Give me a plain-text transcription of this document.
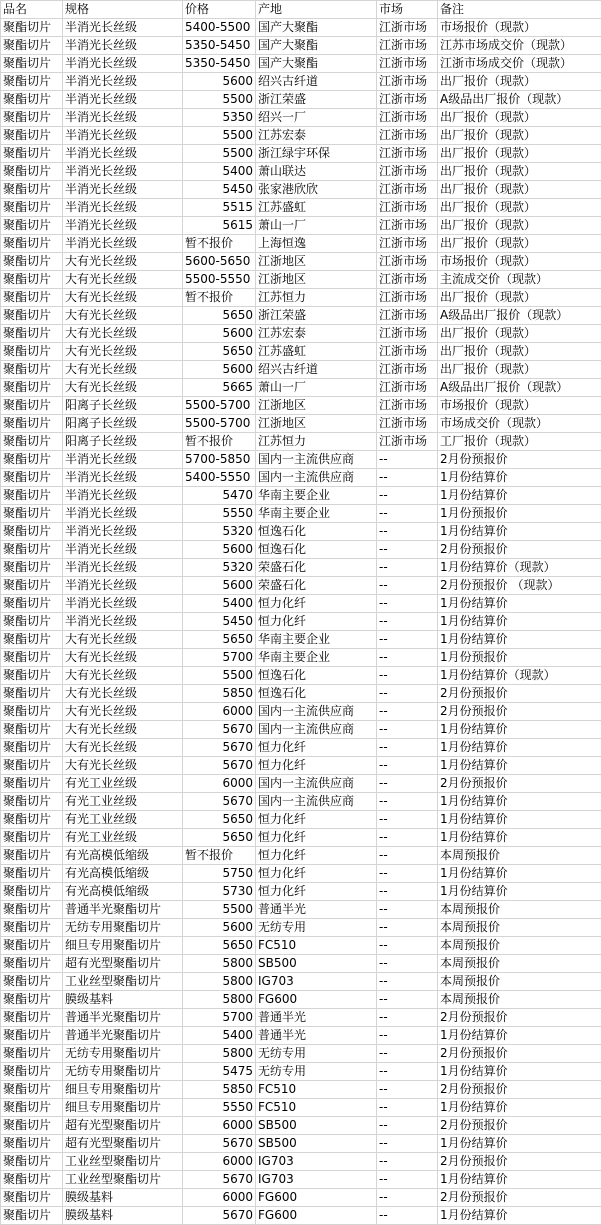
品名	规格	价格	产地	市场	备注
聚酯切片	半消光长丝级	5400-5500	国产大聚酯	江浙市场	市场报价（现款）
聚酯切片	半消光长丝级	5350-5450	国产大聚酯	江浙市场	江苏市场成交价（现款）
聚酯切片	半消光长丝级	5350-5450	国产大聚酯	江浙市场	江浙市场成交价（现款）
聚酯切片	半消光长丝级	5600	绍兴古纤道	江浙市场	出厂报价（现款）
聚酯切片	半消光长丝级	5500	浙江荣盛	江浙市场	A级品出厂报价（现款）
聚酯切片	半消光长丝级	5350	绍兴一厂	江浙市场	出厂报价（现款）
聚酯切片	半消光长丝级	5500	江苏宏泰	江浙市场	出厂报价（现款）
聚酯切片	半消光长丝级	5500	浙江绿宇环保	江浙市场	出厂报价（现款）
聚酯切片	半消光长丝级	5400	萧山联达	江浙市场	出厂报价（现款）
聚酯切片	半消光长丝级	5450	张家港欣欣	江浙市场	出厂报价（现款）
聚酯切片	半消光长丝级	5515	江苏盛虹	江浙市场	出厂报价（现款）
聚酯切片	半消光长丝级	5615	萧山一厂	江浙市场	出厂报价（现款）
聚酯切片	半消光长丝级	暂不报价	上海恒逸	江浙市场	出厂报价（现款）
聚酯切片	大有光长丝级	5600-5650	江浙地区	江浙市场	市场报价（现款）
聚酯切片	大有光长丝级	5500-5550	江浙地区	江浙市场	主流成交价（现款）
聚酯切片	大有光长丝级	暂不报价	江苏恒力	江浙市场	出厂报价（现款）
聚酯切片	大有光长丝级	5650	浙江荣盛	江浙市场	A级品出厂报价（现款）
聚酯切片	大有光长丝级	5600	江苏宏泰	江浙市场	出厂报价（现款）
聚酯切片	大有光长丝级	5650	江苏盛虹	江浙市场	出厂报价（现款）
聚酯切片	大有光长丝级	5600	绍兴古纤道	江浙市场	出厂报价（现款）
聚酯切片	大有光长丝级	5665	萧山一厂	江浙市场	A级品出厂报价（现款）
聚酯切片	阳离子长丝级	5500-5700	江浙地区	江浙市场	市场报价（现款）
聚酯切片	阳离子长丝级	5500-5700	江浙地区	江浙市场	市场成交价（现款）
聚酯切片	阳离子长丝级	暂不报价	江苏恒力	江浙市场	工厂报价（现款）
聚酯切片	半消光长丝级	5700-5850	国内一主流供应商	--	2月份预报价
聚酯切片	半消光长丝级	5400-5550	国内一主流供应商	--	1月份结算价
聚酯切片	半消光长丝级	5470	华南主要企业	--	1月份结算价
聚酯切片	半消光长丝级	5550	华南主要企业	--	1月份预报价
聚酯切片	半消光长丝级	5320	恒逸石化	--	1月份结算价
聚酯切片	半消光长丝级	5600	恒逸石化	--	2月份预报价
聚酯切片	半消光长丝级	5320	荣盛石化	--	1月份结算价（现款）
聚酯切片	半消光长丝级	5600	荣盛石化	--	2月份预报价 （现款）
聚酯切片	半消光长丝级	5400	恒力化纤	--	1月份结算价
聚酯切片	半消光长丝级	5450	恒力化纤	--	1月份结算价
聚酯切片	大有光长丝级	5650	华南主要企业	--	1月份结算价
聚酯切片	大有光长丝级	5700	华南主要企业	--	1月份预报价
聚酯切片	大有光长丝级	5500	恒逸石化	--	1月份结算价（现款）
聚酯切片	大有光长丝级	5850	恒逸石化	--	2月份预报价
聚酯切片	大有光长丝级	6000	国内一主流供应商	--	2月份预报价
聚酯切片	大有光长丝级	5670	国内一主流供应商	--	1月份结算价
聚酯切片	大有光长丝级	5670	恒力化纤	--	1月份结算价
聚酯切片	大有光长丝级	5670	恒力化纤	--	1月份结算价
聚酯切片	有光工业丝级	6000	国内一主流供应商	--	2月份预报价
聚酯切片	有光工业丝级	5670	国内一主流供应商	--	1月份结算价
聚酯切片	有光工业丝级	5650	恒力化纤	--	1月份结算价
聚酯切片	有光工业丝级	5650	恒力化纤	--	1月份结算价
聚酯切片	有光高模低缩级	暂不报价	恒力化纤	--	本周预报价
聚酯切片	有光高模低缩级	5750	恒力化纤	--	1月份结算价
聚酯切片	有光高模低缩级	5730	恒力化纤	--	1月份结算价
聚酯切片	普通半光聚酯切片	5500	普通半光	--	本周预报价
聚酯切片	无纺专用聚酯切片	5600	无纺专用	--	本周预报价
聚酯切片	细旦专用聚酯切片	5650	FC510	--	本周预报价
聚酯切片	超有光型聚酯切片	5800	SB500	--	本周预报价
聚酯切片	工业丝型聚酯切片	5800	IG703	--	本周预报价
聚酯切片	膜级基料	5800	FG600	--	本周预报价
聚酯切片	普通半光聚酯切片	5700	普通半光	--	2月份预报价
聚酯切片	普通半光聚酯切片	5400	普通半光	--	1月份结算价
聚酯切片	无纺专用聚酯切片	5800	无纺专用	--	2月份预报价
聚酯切片	无纺专用聚酯切片	5475	无纺专用	--	1月份结算价
聚酯切片	细旦专用聚酯切片	5850	FC510	--	2月份预报价
聚酯切片	细旦专用聚酯切片	5550	FC510	--	1月份结算价
聚酯切片	超有光型聚酯切片	6000	SB500	--	2月份预报价
聚酯切片	超有光型聚酯切片	5670	SB500	--	1月份结算价
聚酯切片	工业丝型聚酯切片	6000	IG703	--	2月份预报价
聚酯切片	工业丝型聚酯切片	5670	IG703	--	1月份结算价
聚酯切片	膜级基料	6000	FG600	--	2月份预报价
聚酯切片	膜级基料	5670	FG600	--	1月份结算价
